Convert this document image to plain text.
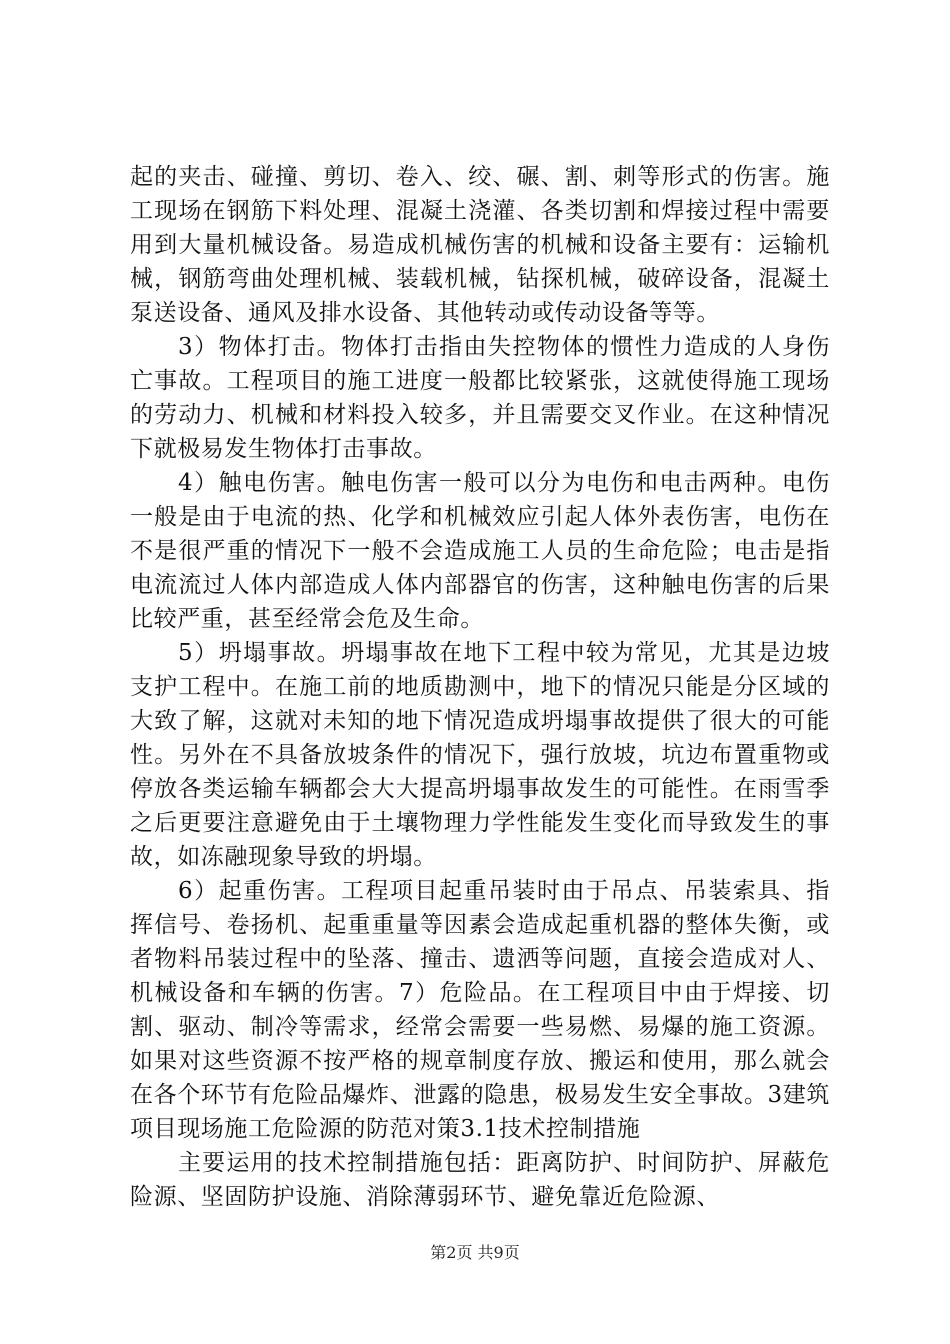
起的夹击、碰撞、剪切、卷入、绞、碾、割、刺等形式的伤害。施工现场在钢筋下料处理、混凝土浇灌、各类切割和焊接过程中需要用到大量机械设备。易造成机械伤害的机械和设备主要有：运输机械，钢筋弯曲处理机械、装载机械，钻探机械，破碎设备，混凝土泵送设备、通风及排水设备、其他转动或传动设备等等。

3）物体打击。物体打击指由失控物体的惯性力造成的人身伤亡事故。工程项目的施工进度一般都比较紧张，这就使得施工现场的劳动力、机械和材料投入较多，并且需要交叉作业。在这种情况下就极易发生物体打击事故。

4）触电伤害。触电伤害一般可以分为电伤和电击两种。电伤一般是由于电流的热、化学和机械效应引起人体外表伤害，电伤在不是很严重的情况下一般不会造成施工人员的生命危险；电击是指电流流过人体内部造成人体内部器官的伤害，这种触电伤害的后果比较严重，甚至经常会危及生命。

5）坍塌事故。坍塌事故在地下工程中较为常见，尤其是边坡支护工程中。在施工前的地质勘测中，地下的情况只能是分区域的大致了解，这就对未知的地下情况造成坍塌事故提供了很大的可能性。另外在不具备放坡条件的情况下，强行放坡，坑边布置重物或停放各类运输车辆都会大大提高坍塌事故发生的可能性。在雨雪季之后更要注意避免由于土壤物理力学性能发生变化而导致发生的事故，如冻融现象导致的坍塌。

6）起重伤害。工程项目起重吊装时由于吊点、吊装索具、指挥信号、卷扬机、起重重量等因素会造成起重机器的整体失衡，或者物料吊装过程中的坠落、撞击、遗洒等问题，直接会造成对人、机械设备和车辆的伤害。7）危险品。在工程项目中由于焊接、切割、驱动、制冷等需求，经常会需要一些易燃、易爆的施工资源。如果对这些资源不按严格的规章制度存放、搬运和使用，那么就会在各个环节有危险品爆炸、泄露的隐患，极易发生安全事故。3建筑项目现场施工危险源的防范对策3.1技术控制措施

主要运用的技术控制措施包括：距离防护、时间防护、屏蔽危险源、坚固防护设施、消除薄弱环节、避免靠近危险源、

第2页 共9页
